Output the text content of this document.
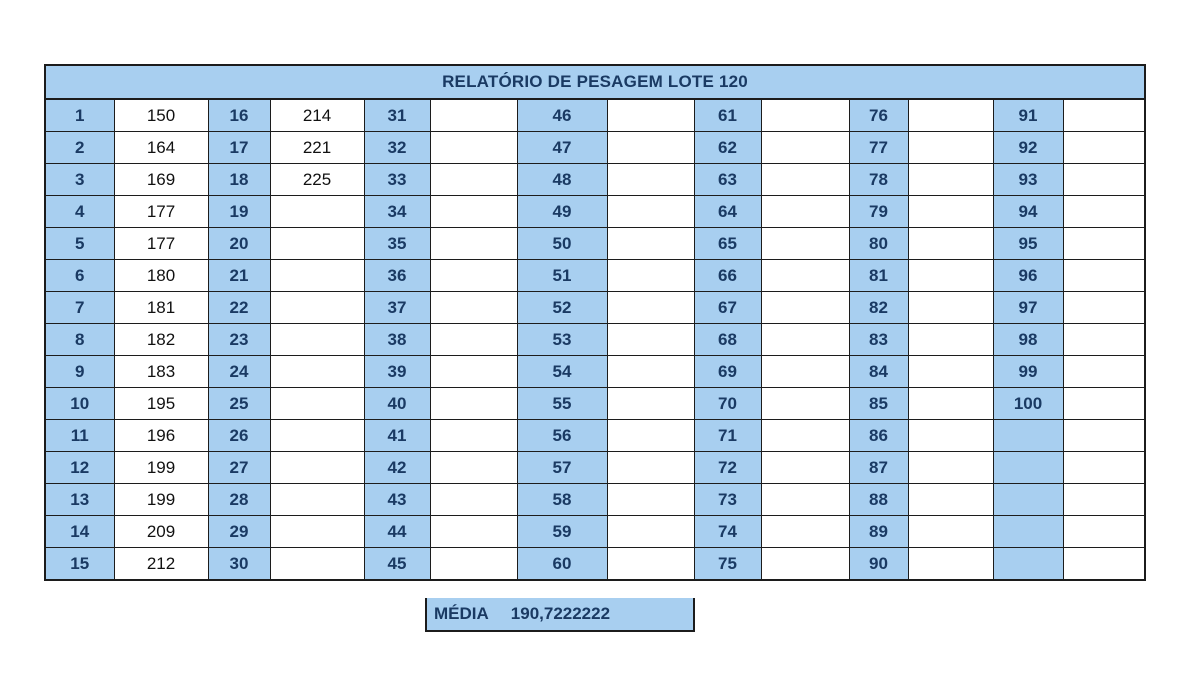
RELATÓRIO DE PESAGEM LOTE 120
1	150	16	214	31		46		61		76		91	
2	164	17	221	32		47		62		77		92	
3	169	18	225	33		48		63		78		93	
4	177	19		34		49		64		79		94	
5	177	20		35		50		65		80		95	
6	180	21		36		51		66		81		96	
7	181	22		37		52		67		82		97	
8	182	23		38		53		68		83		98	
9	183	24		39		54		69		84		99	
10	195	25		40		55		70		85		100	
11	196	26		41		56		71		86			
12	199	27		42		57		72		87			
13	199	28		43		58		73		88			
14	209	29		44		59		74		89			
15	212	30		45		60		75		90			
MÉDIA 190,7222222
